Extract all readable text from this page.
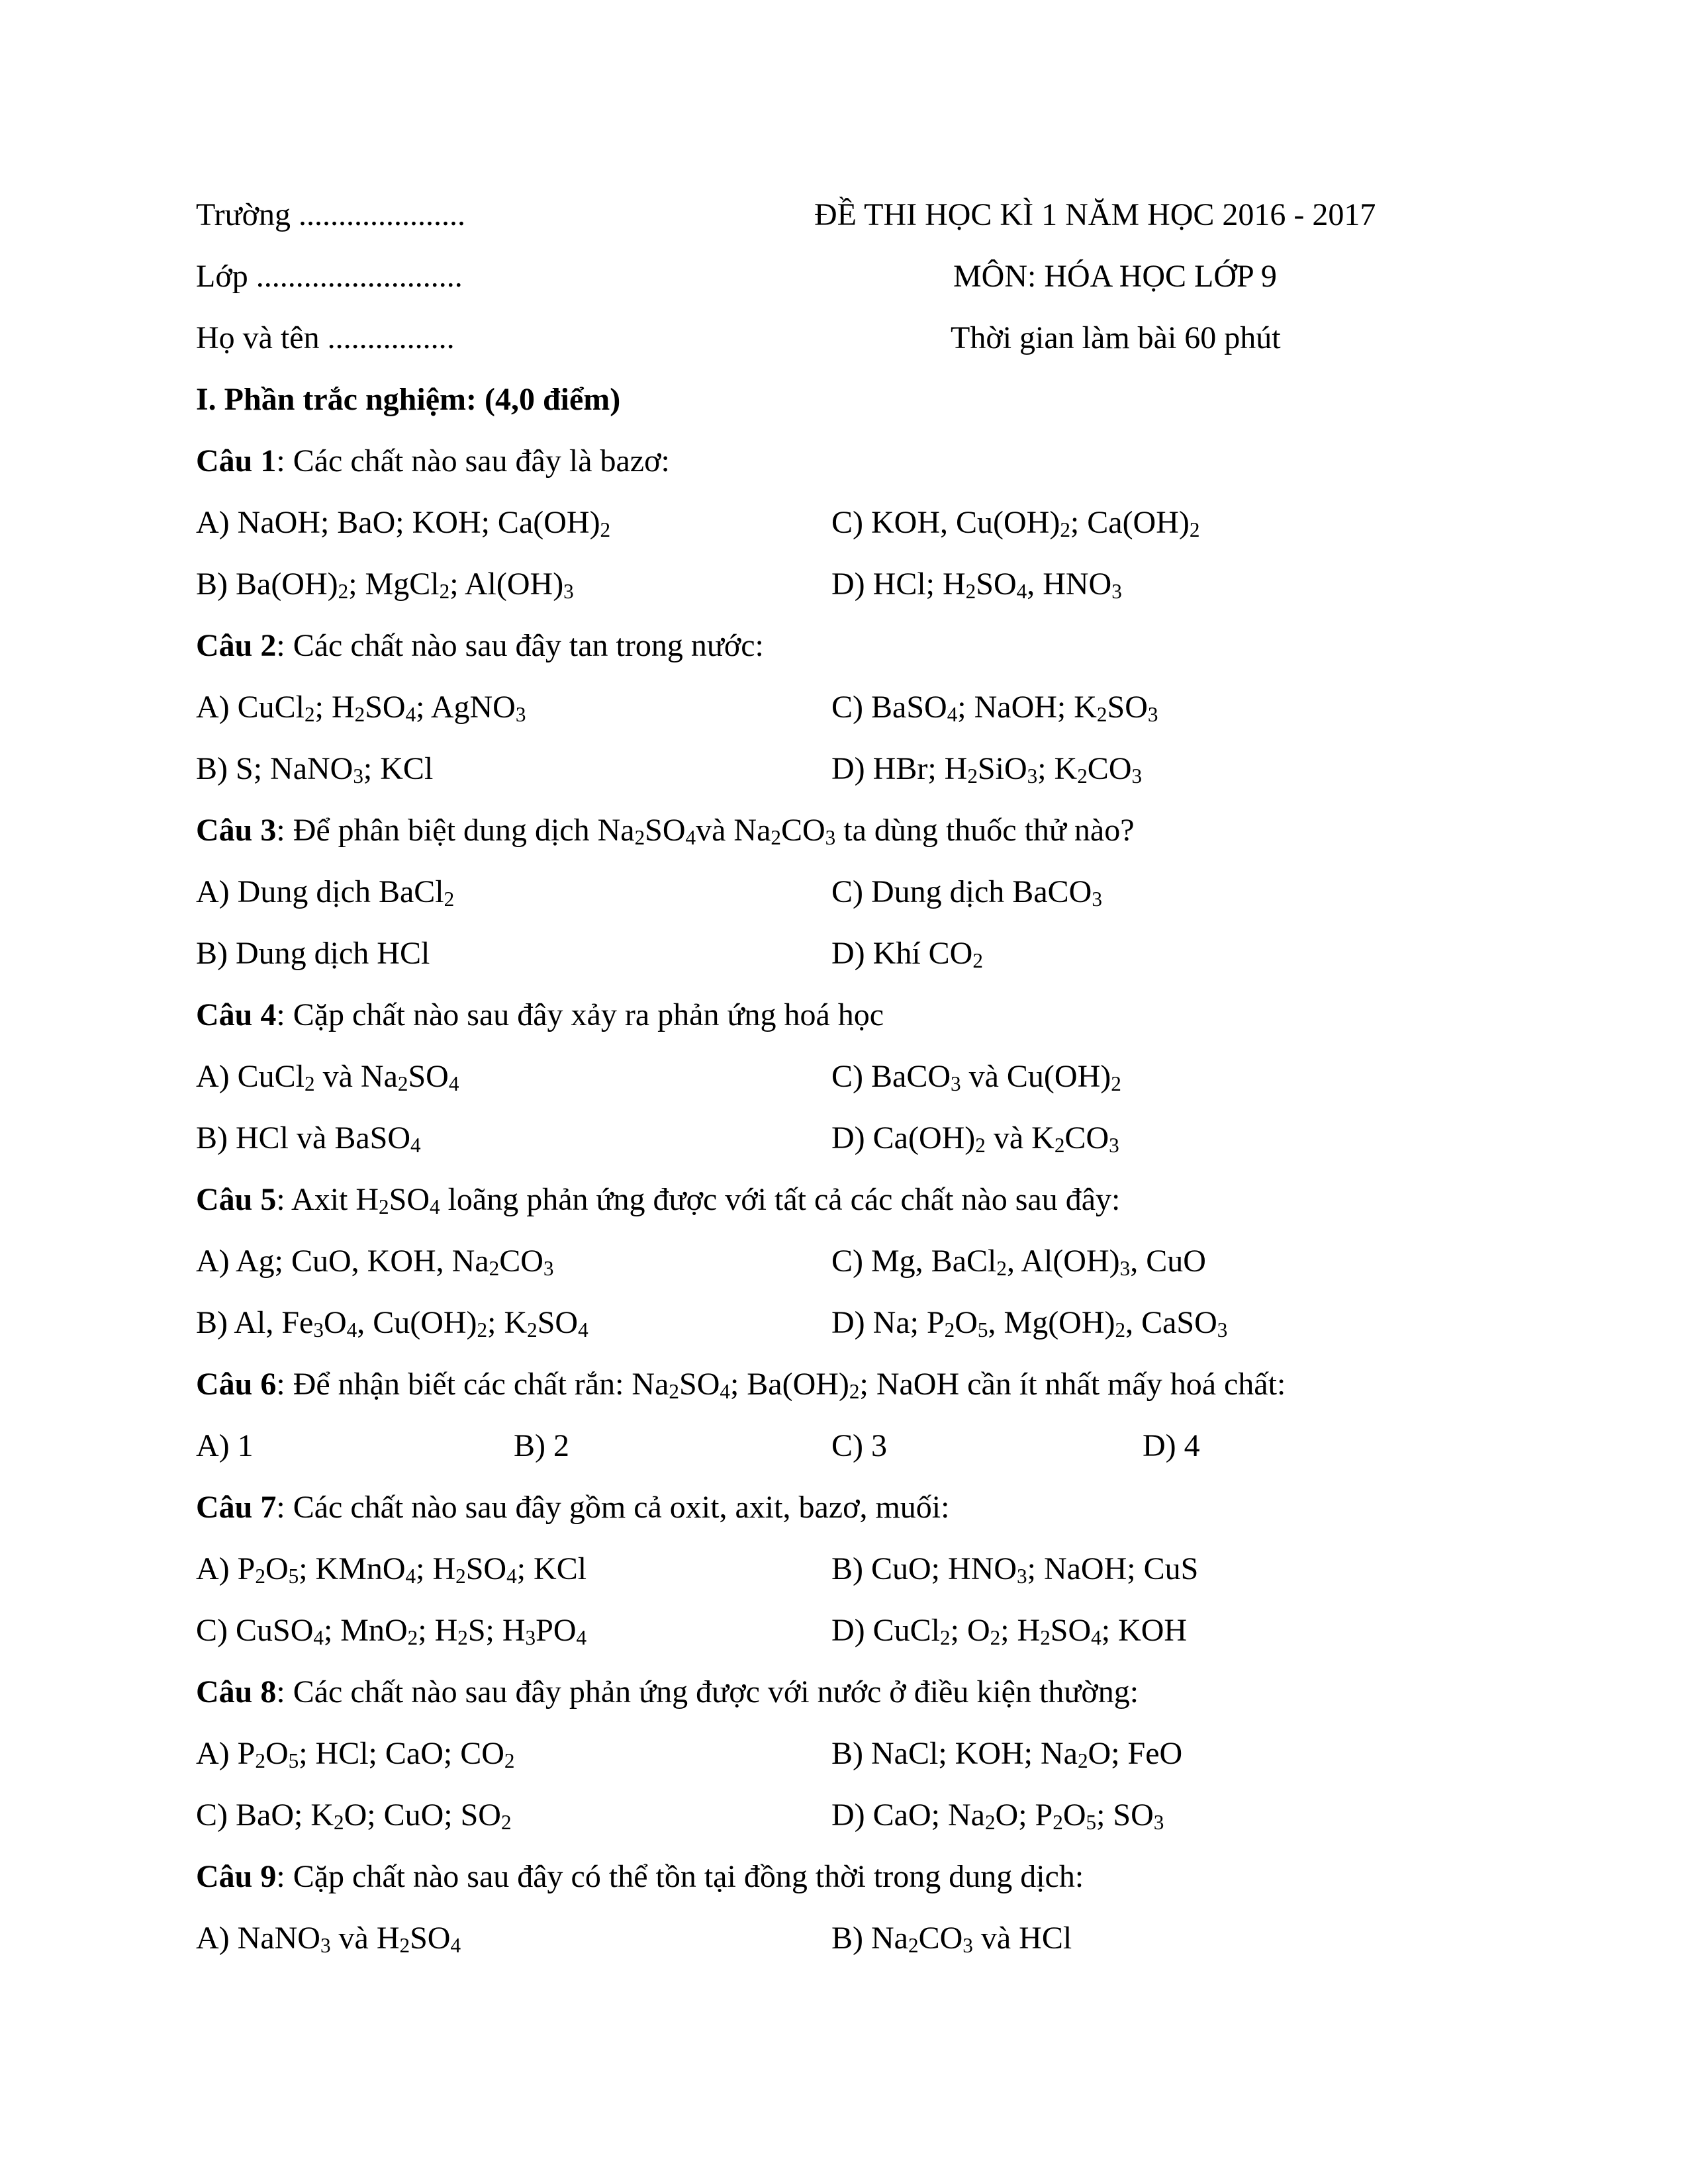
Trường .....................	ĐỀ THI HỌC KÌ 1 NĂM HỌC 2016 - 2017
Lớp ..........................	MÔN: HÓA HỌC LỚP 9
Họ và tên ................	Thời gian làm bài 60 phút
I. Phần trắc nghiệm: (4,0 điểm)
Câu 1: Các chất nào sau đây là bazơ:
A) NaOH; BaO; KOH; $Ca(OH)_2$	C) KOH, $Cu(OH)_2$; $Ca(OH)_2$
B) $Ba(OH)_2$; MgCl$_2$; $Al(OH)_3$	D) HCl; $H_2SO_4$, $HNO_3$
Câu 2: Các chất nào sau đây tan trong nước:
A) CuCl$_2$; $H_2SO_4$; AgNO$_3$	C) BaSO$_4$; NaOH; $K_2SO_3$
B) S; NaNO$_3$; KCl	D) HBr; $H_2SiO_3$; $K_2CO_3$
Câu 3: Để phân biệt dung dịch $Na_2SO_4và$ $Na_2CO_3$ ta dùng thuốc thử nào?
A) Dung dịch BaCl$_2$	C) Dung dịch BaCO$_3$
B) Dung dịch HCl	D) Khí $CO_2$
Câu 4: Cặp chất nào sau đây xảy ra phản ứng hoá học
A) CuCl$_2$ và $Na_2SO_4$	C) BaCO$_3$ và $Cu(OH)_2$
B) HCl và BaSO$_4$	D) $Ca(OH)_2$ và $K_2CO_3$
Câu 5: Axit $H_2SO_4$ loãng phản ứng được với tất cả các chất nào sau đây:
A) Ag; CuO, KOH, $Na_2CO_3$	C) Mg, BaCl$_2$, $Al(OH)_3$, CuO
B) Al, $Fe_3O_4$, $Cu(OH)_2$; $K_2SO_4$	D) Na; $P_2O_5$, $Mg(OH)_2$, CaSO$_3$
Câu 6: Để nhận biết các chất rắn: $Na_2SO_4$; $Ba(OH)_2$; NaOH cần ít nhất mấy hoá chất:
A) 1	B) 2	C) 3	D) 4
Câu 7: Các chất nào sau đây gồm cả oxit, axit, bazơ, muối:
A) $P_2O_5$; KMnO$_4$; $H_2SO_4$; KCl	B) CuO; $HNO_3$; NaOH; CuS
C) CuSO$_4$; MnO$_2$; $H_2S$; $H_3PO_4$	D) CuCl$_2$; $O_2$; $H_2SO_4$; KOH
Câu 8: Các chất nào sau đây phản ứng được với nước ở điều kiện thường:
A) $P_2O_5$; HCl; CaO; $CO_2$	B) NaCl; KOH; $Na_2O$; FeO
C) BaO; $K_2O$; CuO; $SO_2$	D) CaO; $Na_2O$; $P_2O_5$; $SO_3$
Câu 9: Cặp chất nào sau đây có thể tồn tại đồng thời trong dung dịch:
A) NaNO$_3$ và $H_2SO_4$	B) $Na_2CO_3$ và HCl
